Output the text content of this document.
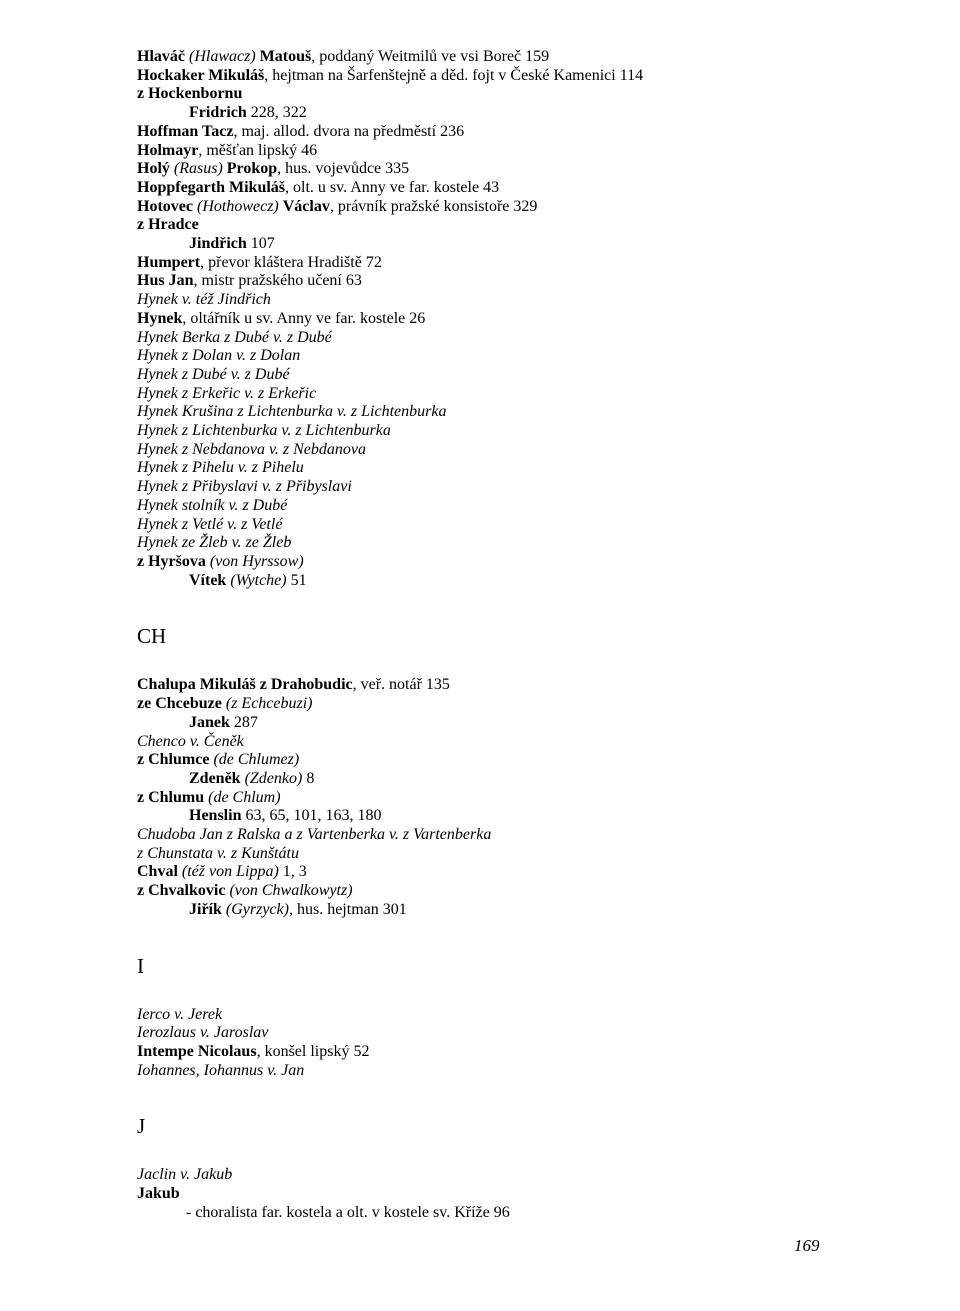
Hlaváč (Hlawacz) Matouš, poddaný Weitmilů ve vsi Boreč 159
Hockaker Mikuláš, hejtman na Šarfenštejně a děd. fojt v České Kamenici 114
z Hockenbornu
Fridrich 228, 322
Hoffman Tacz, maj. allod. dvora na předměstí 236
Holmayr, měšťan lipský 46
Holý (Rasus) Prokop, hus. vojevůdce 335
Hoppfegarth Mikuláš, olt. u sv. Anny ve far. kostele 43
Hotovec (Hothowecz) Václav, právník pražské konsistoře 329
z Hradce
Jindřich 107
Humpert, převor kláštera Hradiště 72
Hus Jan, mistr pražského učení 63
Hynek v. též Jindřich
Hynek, oltářník u sv. Anny ve far. kostele 26
Hynek Berka z Dubé v. z Dubé
Hynek z Dolan v. z Dolan
Hynek z Dubé v. z Dubé
Hynek z Erkeřic v. z Erkeřic
Hynek Krušina z Lichtenburka v. z Lichtenburka
Hynek z Lichtenburka v. z Lichtenburka
Hynek z Nebdanova v. z Nebdanova
Hynek z Pihelu v. z Pihelu
Hynek z Přibyslavi v. z Přibyslavi
Hynek stolník v. z Dubé
Hynek z Vetlé v. z Vetlé
Hynek ze Žleb v. ze Žleb
z Hyršova (von Hyrssow)
Vítek (Wytche) 51
CH
Chalupa Mikuláš z Drahobudic, veř. notář 135
ze Chcebuze (z Echcebuzi)
Janek 287
Chenco v. Čeněk
z Chlumce (de Chlumez)
Zdeněk (Zdenko) 8
z Chlumu (de Chlum)
Henslin 63, 65, 101, 163, 180
Chudoba Jan z Ralska a z Vartenberka v. z Vartenberka
z Chunstata v. z Kunštátu
Chval (též von Lippa) 1, 3
z Chvalkovic (von Chwalkowytz)
Jiřík (Gyrzyck), hus. hejtman 301
I
Ierco v. Jerek
Ierozlaus v. Jaroslav
Intempe Nicolaus, konšel lipský 52
Iohannes, Iohannus v. Jan
J
Jaclin v. Jakub
Jakub
- choralista far. kostela a olt. v kostele sv. Kříže 96
169
